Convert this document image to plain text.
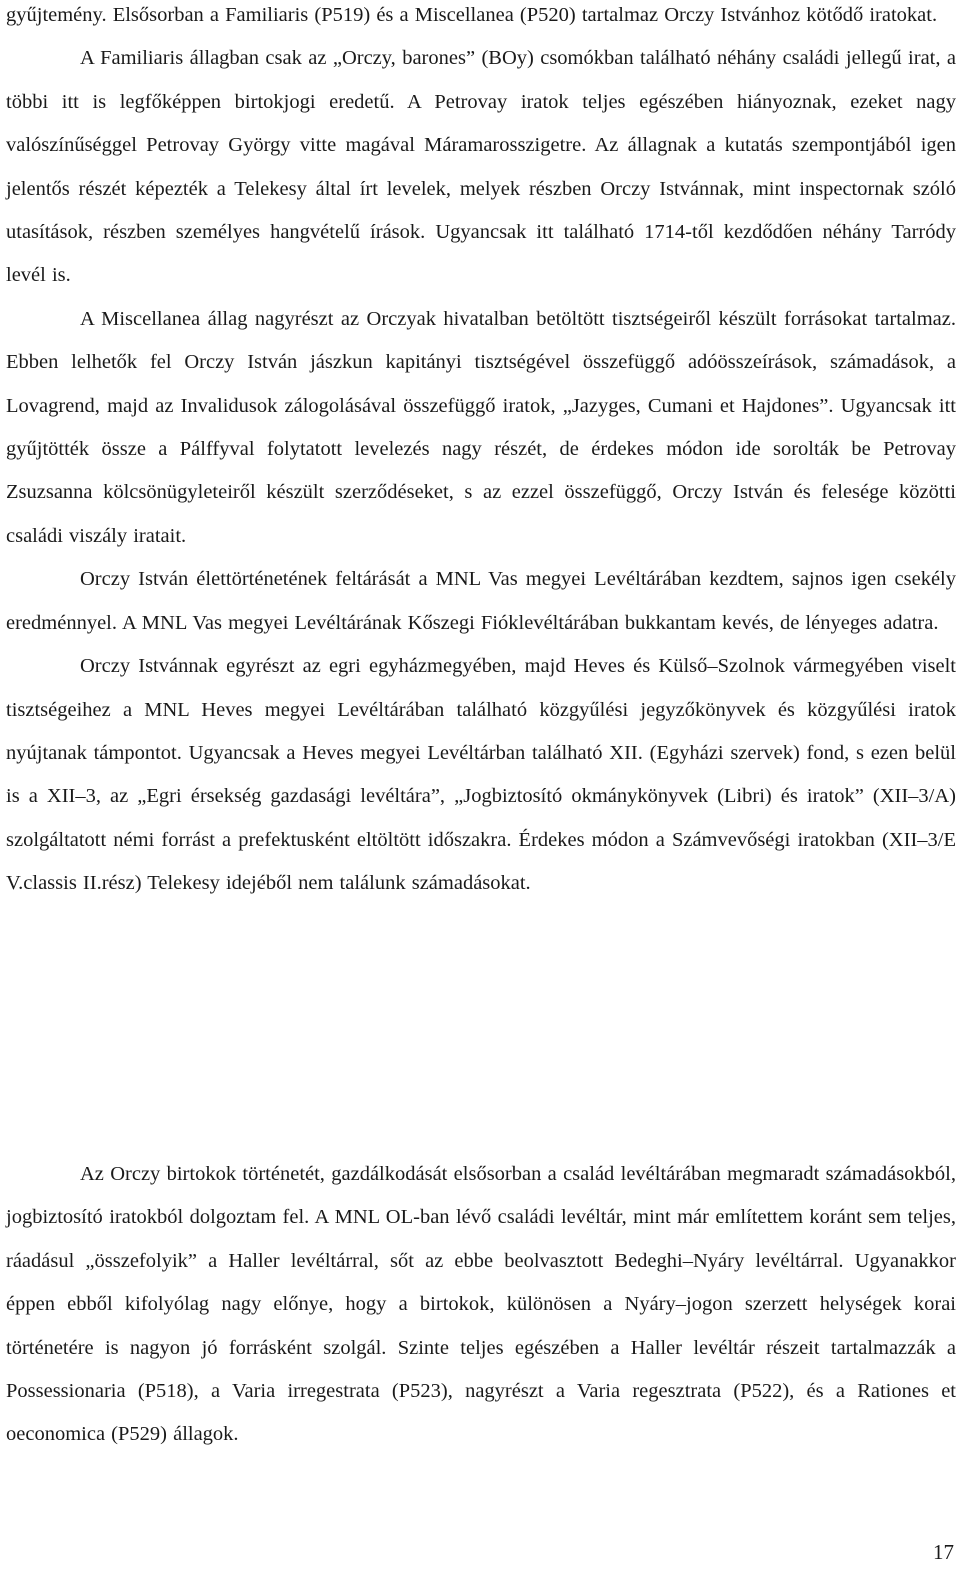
gyűjtemény. Elsősorban a Familiaris (P519) és a Miscellanea (P520) tartalmaz Orczy Istvánhoz kötődő iratokat.

A Familiaris állagban csak az „Orczy, barones” (BOy) csomókban található néhány családi jellegű irat, a többi itt is legfőképpen birtokjogi eredetű. A Petrovay iratok teljes egészében hiányoznak, ezeket nagy valószínűséggel Petrovay György vitte magával Máramarosszigetre. Az állagnak a kutatás szempontjából igen jelentős részét képezték a Telekesy által írt levelek, melyek részben Orczy Istvánnak, mint inspectornak szóló utasítások, részben személyes hangvételű írások. Ugyancsak itt található 1714-től kezdődően néhány Tarródy levél is.

A Miscellanea állag nagyrészt az Orczyak hivatalban betöltött tisztségeiről készült forrásokat tartalmaz. Ebben lelhetők fel Orczy István jászkun kapitányi tisztségével összefüggő adóösszeírások, számadások, a Lovagrend, majd az Invalidusok zálogolásával összefüggő iratok, „Jazyges, Cumani et Hajdones”. Ugyancsak itt gyűjtötték össze a Pálffyval folytatott levelezés nagy részét, de érdekes módon ide sorolták be Petrovay Zsuzsanna kölcsönügyleteiről készült szerződéseket, s az ezzel összefüggő, Orczy István és felesége közötti családi viszály iratait.

Orczy István élettörténetének feltárását a MNL Vas megyei Levéltárában kezdtem, sajnos igen csekély eredménnyel. A MNL Vas megyei Levéltárának Kőszegi Fióklevéltárában bukkantam kevés, de lényeges adatra.

Orczy Istvánnak egyrészt az egri egyházmegyében, majd Heves és Külső–Szolnok vármegyében viselt tisztségeihez a MNL Heves megyei Levéltárában található közgyűlési jegyzőkönyvek és közgyűlési iratok nyújtanak támpontot. Ugyancsak a Heves megyei Levéltárban található XII. (Egyházi szervek) fond, s ezen belül is a XII–3, az „Egri érsekség gazdasági levéltára”, „Jogbiztosító okmánykönyvek (Libri) és iratok” (XII–3/A) szolgáltatott némi forrást a prefektusként eltöltött időszakra. Érdekes módon a Számvevőségi iratokban (XII–3/E V.classis II.rész) Telekesy idejéből nem találunk számadásokat.

Az Orczy birtokok történetét, gazdálkodását elsősorban a család levéltárában megmaradt számadásokból, jogbiztosító iratokból dolgoztam fel. A MNL OL-ban lévő családi levéltár, mint már említettem koránt sem teljes, ráadásul „összefolyik” a Haller levéltárral, sőt az ebbe beolvasztott Bedeghi–Nyáry levéltárral. Ugyanakkor éppen ebből kifolyólag nagy előnye, hogy a birtokok, különösen a Nyáry–jogon szerzett helységek korai történetére is nagyon jó forrásként szolgál. Szinte teljes egészében a Haller levéltár részeit tartalmazzák a Possessionaria (P518), a Varia irregestrata (P523), nagyrészt a Varia regesztrata (P522), és a Rationes et oeconomica (P529) állagok.

17
